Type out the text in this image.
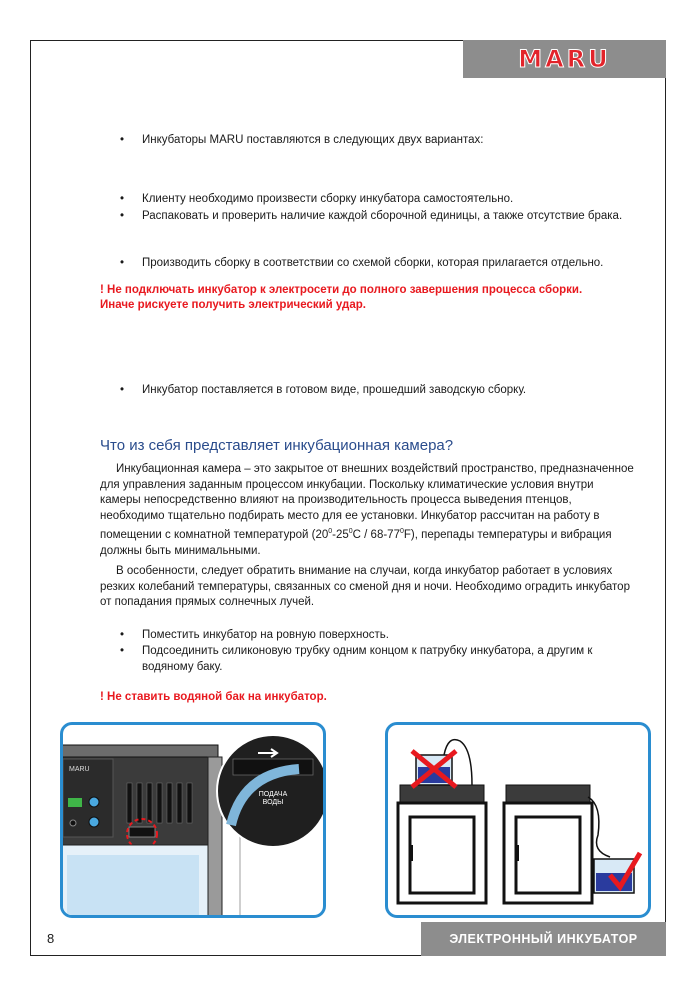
MARU
• Инкубаторы MARU поставляются в следующих двух вариантах:
• Клиенту необходимо произвести сборку инкубатора самостоятельно.
• Распаковать и проверить наличие каждой сборочной единицы, а также отсутствие брака.
• Производить сборку в соответствии со схемой сборки, которая прилагается отдельно.
! Не подключать инкубатор к электросети до полного завершения процесса сборки.
Иначе рискуете получить электрический удар.
• Инкубатор поставляется в готовом виде, прошедший заводскую сборку.
Что из себя представляет инкубационная камера?
Инкубационная камера – это закрытое от внешних воздействий пространство, предназначенное для управления заданным процессом инкубации. Поскольку климатические условия внутри камеры непосредственно влияют на производительность процесса выведения птенцов, необходимо тщательно подбирать место для ее установки. Инкубатор рассчитан на работу в помещении с комнатной температурой $(20^0-25^0C / 68-77^0F)$, перепады температуры и вибрация должны быть минимальными.
В особенности, следует обратить внимание на случаи, когда инкубатор работает в условиях резких колебаний температуры, связанных со сменой дня и ночи. Необходимо оградить инкубатор от попадания прямых солнечных лучей.
• Поместить инкубатор на ровную поверхность.
• Подсоединить силиконовую трубку одним концом к патрубку инкубатора, а другим к водяному баку.
! Не ставить водяной бак на инкубатор.
MARU
ПОДАЧА ВОДЫ
8	ЭЛЕКТРОННЫЙ ИНКУБАТОР
